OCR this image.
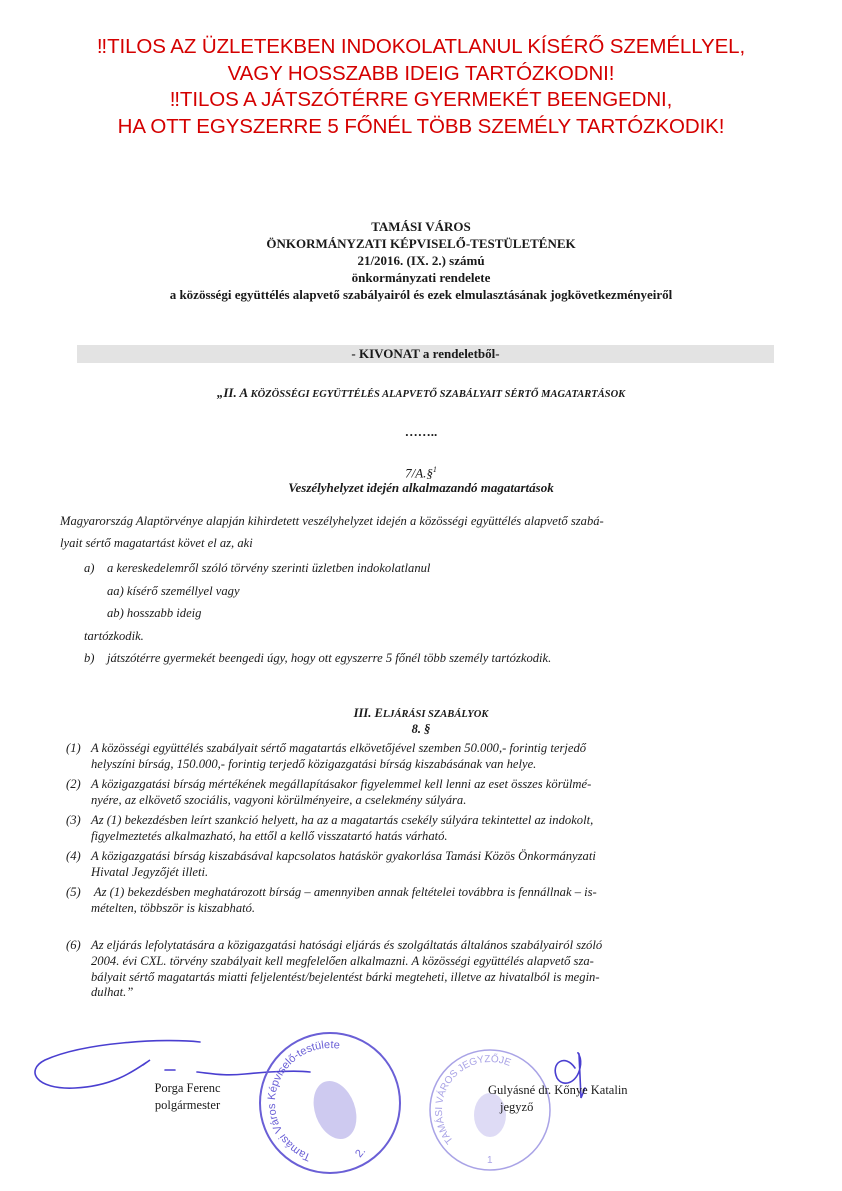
‼TILOS AZ ÜZLETEKBEN INDOKOLATLANUL KÍSÉRŐ SZEMÉLLYEL,
VAGY HOSSZABB IDEIG TARTÓZKODNI!
‼TILOS A JÁTSZÓTÉRRE GYERMEKÉT BEENGEDNI,
HA OTT EGYSZERRE 5 FŐNÉL TÖBB SZEMÉLY TARTÓZKODIK!
TAMÁSI VÁROS
ÖNKORMÁNYZATI KÉPVISELŐ-TESTÜLETÉNEK
21/2016. (IX. 2.) számú
önkormányzati rendelete
a közösségi együttélés alapvető szabályairól és ezek elmulasztásának jogkövetkezményeiről
- KIVONAT a rendeletből-
„II. A KÖZÖSSÉGI EGYÜTTÉLÉS ALAPVETŐ SZABÁLYAIT SÉRTŐ MAGATARTÁSOK
……..
7/A.§$^1$
Veszélyhelyzet idején alkalmazandó magatartások
Magyarország Alaptörvénye alapján kihirdetett veszélyhelyzet idején a közösségi együttélés alapvető szabá-
lyait sértő magatartást követ el az, aki
a) a kereskedelemről szóló törvény szerinti üzletben indokolatlanul
aa) kísérő személlyel vagy
ab) hosszabb ideig
tartózkodik.
b) játszótérre gyermekét beengedi úgy, hogy ott egyszerre 5 főnél több személy tartózkodik.
III. ELJÁRÁSI SZABÁLYOK
8. §
(1) A közösségi együttélés szabályait sértő magatartás elkövetőjével szemben 50.000,- forintig terjedő
helyszíni bírság, 150.000,- forintig terjedő közigazgatási bírság kiszabásának van helye.
(2) A közigazgatási bírság mértékének megállapításakor figyelemmel kell lenni az eset összes körülmé-
nyére, az elkövető szociális, vagyoni körülményeire, a cselekmény súlyára.
(3) Az (1) bekezdésben leírt szankció helyett, ha az a magatartás csekély súlyára tekintettel az indokolt,
figyelmeztetés alkalmazható, ha ettől a kellő visszatartó hatás várható.
(4) A közigazgatási bírság kiszabásával kapcsolatos hatáskör gyakorlása Tamási Közös Önkormányzati
Hivatal Jegyzőjét illeti.
(5) Az (1) bekezdésben meghatározott bírság – amennyiben annak feltételei továbbra is fennállnak – is-
mételten, többször is kiszabható.
(6) Az eljárás lefolytatására a közigazgatási hatósági eljárás és szolgáltatás általános szabályairól szóló
2004. évi CXL. törvény szabályait kell megfelelően alkalmazni. A közösségi együttélés alapvető sza-
bályait sértő magatartás miatti feljelentést/bejelentést bárki megteheti, illetve az hivatalból is megin-
dulhat.”
Porga Ferenc
polgármester
Tamási Város Képviselő-testülete
2.
TAMÁSI VÁROS JEGYZŐJE
1
Gulyásné dr. Kőnye Katalin
jegyző
